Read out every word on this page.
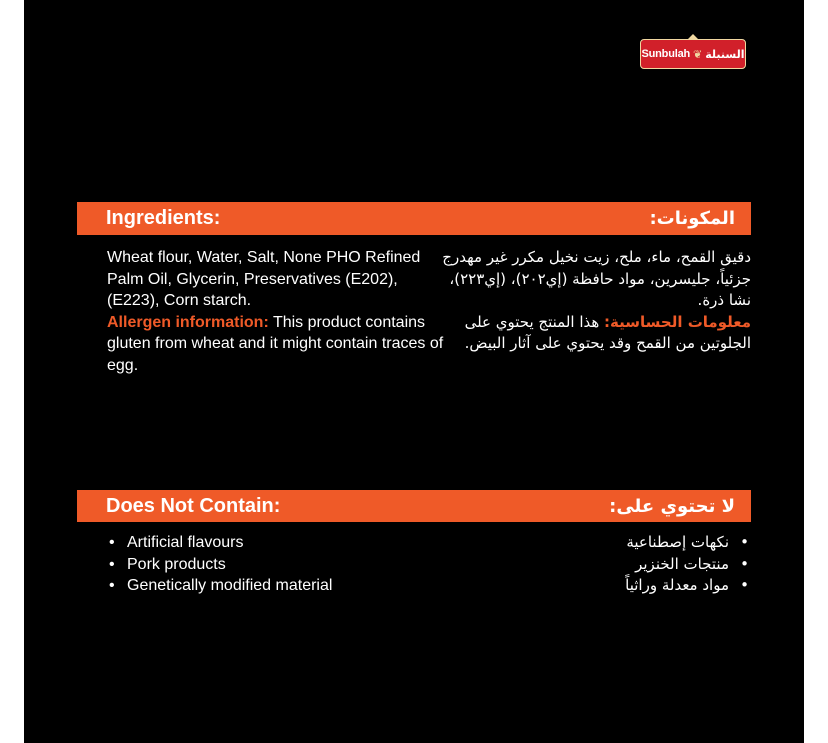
Sunbulah ❦ السنبلة
Ingredients:	المكونات:
Wheat flour, Water, Salt, None PHO Refined Palm Oil, Glycerin, Preservatives (E202), (E223), Corn starch.
Allergen information: This product contains gluten from wheat and it might contain traces of egg.
دقيق القمح، ماء، ملح، زيت نخيل مكرر غير مهدرج جزئياً، جليسرين، مواد حافظة (إي٢٠٢)، (إي٢٢٣)، نشا ذرة.
معلومات الحساسية: هذا المنتج يحتوي على الجلوتين من القمح وقد يحتوي على آثار البيض.
Does Not Contain:	لا تحتوي على:
• Artificial flavours
• Pork products
• Genetically modified material
• نكهات إصطناعية
• منتجات الخنزير
• مواد معدلة وراثياً
